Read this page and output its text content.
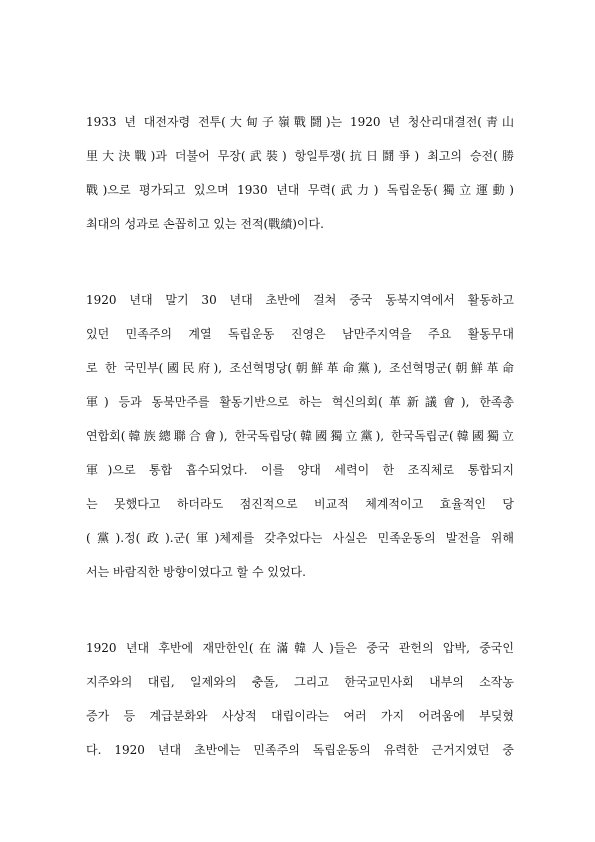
1933 년 대전자령 전투(大甸子嶺戰鬪)는 1920 년 청산리대결전(靑山
里大決戰)과 더불어 무장(武裝) 항일투쟁(抗日鬪爭) 최고의 승전(勝
戰)으로 평가되고 있으며 1930 년대 무력(武力) 독립운동(獨立運動)
최대의 성과로 손꼽히고 있는 전적(戰績)이다.
1920 년대 말기 30 년대 초반에 걸쳐 중국 동북지역에서 활동하고
있던 민족주의 계열 독립운동 진영은 남만주지역을 주요 활동무대
로 한 국민부(國民府), 조선혁명당(朝鮮革命黨), 조선혁명군(朝鮮革命
軍) 등과 동북만주를 활동기반으로 하는 혁신의회(革新議會), 한족총
연합회(韓族總聯合會), 한국독립당(韓國獨立黨), 한국독립군(韓國獨立
軍)으로 통합 흡수되었다. 이를 양대 세력이 한 조직체로 통합되지
는 못했다고 하더라도 점진적으로 비교적 체계적이고 효율적인 당
(黨).정(政).군(軍)체제를 갖추었다는 사실은 민족운동의 발전을 위해
서는 바람직한 방향이였다고 할 수 있었다.
1920 년대 후반에 재만한인(在滿韓人)들은 중국 관헌의 압박, 중국인
지주와의 대립, 일제와의 충돌, 그리고 한국교민사회 내부의 소작농
증가 등 계급분화와 사상적 대립이라는 여러 가지 어려움에 부딪혔
다. 1920 년대 초반에는 민족주의 독립운동의 유력한 근거지였던 중
